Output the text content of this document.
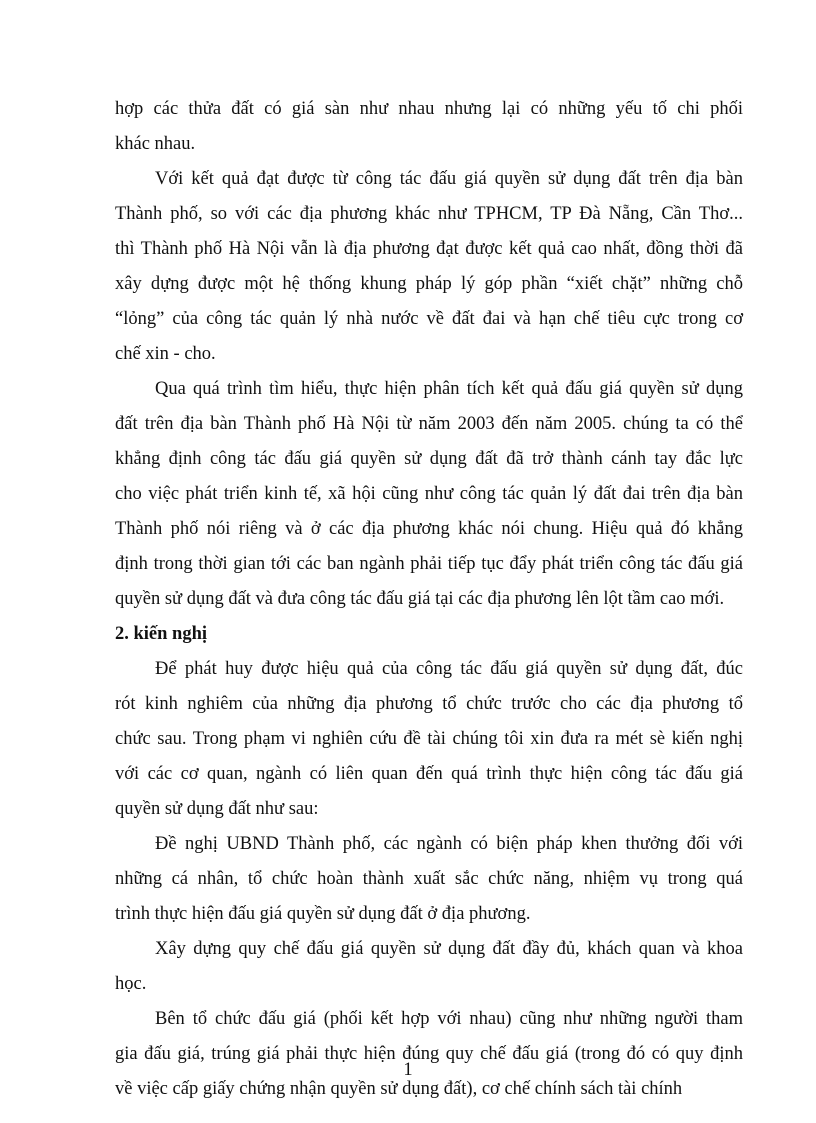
hợp các thửa đất có giá sàn như nhau nhưng lại có những yếu tố chi phối
khác nhau.

Với kết quả đạt được từ công tác đấu giá quyền sử dụng đất trên địa bàn
Thành phố, so với các địa phương khác như TPHCM, TP Đà Nẵng, Cần Thơ...
thì Thành phố Hà Nội vẫn là địa phương đạt được kết quả cao nhất, đồng thời đã
xây dựng được một hệ thống khung pháp lý góp phần “xiết chặt” những chỗ
“lỏng” của công tác quản lý nhà nước về đất đai và hạn chế tiêu cực trong cơ
chế xin - cho.

Qua quá trình tìm hiểu, thực hiện phân tích kết quả đấu giá quyền sử dụng
đất trên địa bàn Thành phố Hà Nội từ năm 2003 đến năm 2005. chúng ta có thể
khẳng định công tác đấu giá quyền sử dụng đất đã trở thành cánh tay đắc lực
cho việc phát triển kinh tế, xã hội cũng như công tác quản lý đất đai trên địa bàn
Thành phố nói riêng và ở các địa phương khác nói chung. Hiệu quả đó khẳng
định trong thời gian tới các ban ngành phải tiếp tục đẩy phát triển công tác đấu giá
quyền sử dụng đất và đưa công tác đấu giá tại các địa phương lên lột tầm cao mới.

2. kiến nghị

Để phát huy được hiệu quả của công tác đấu giá quyền sử dụng đất, đúc
rót kinh nghiêm của những địa phương tổ chức trước cho các địa phương tổ
chức sau. Trong phạm vi nghiên cứu đề tài chúng tôi xin đưa ra mét sè kiến nghị
với các cơ quan, ngành có liên quan đến quá trình thực hiện công tác đấu giá
quyền sử dụng đất như sau:

Đề nghị UBND Thành phố, các ngành có biện pháp khen thưởng đối với
những cá nhân, tổ chức hoàn thành xuất sắc chức năng, nhiệm vụ trong quá
trình thực hiện đấu giá quyền sử dụng đất ở địa phương.

Xây dựng quy chế đấu giá quyền sử dụng đất đầy đủ, khách quan và khoa
học.

Bên tổ chức đấu giá (phối kết hợp với nhau) cũng như những người tham
gia đấu giá, trúng giá phải thực hiện đúng quy chế đấu giá (trong đó có quy định
về việc cấp giấy chứng nhận quyền sử dụng đất), cơ chế chính sách tài chính

1
